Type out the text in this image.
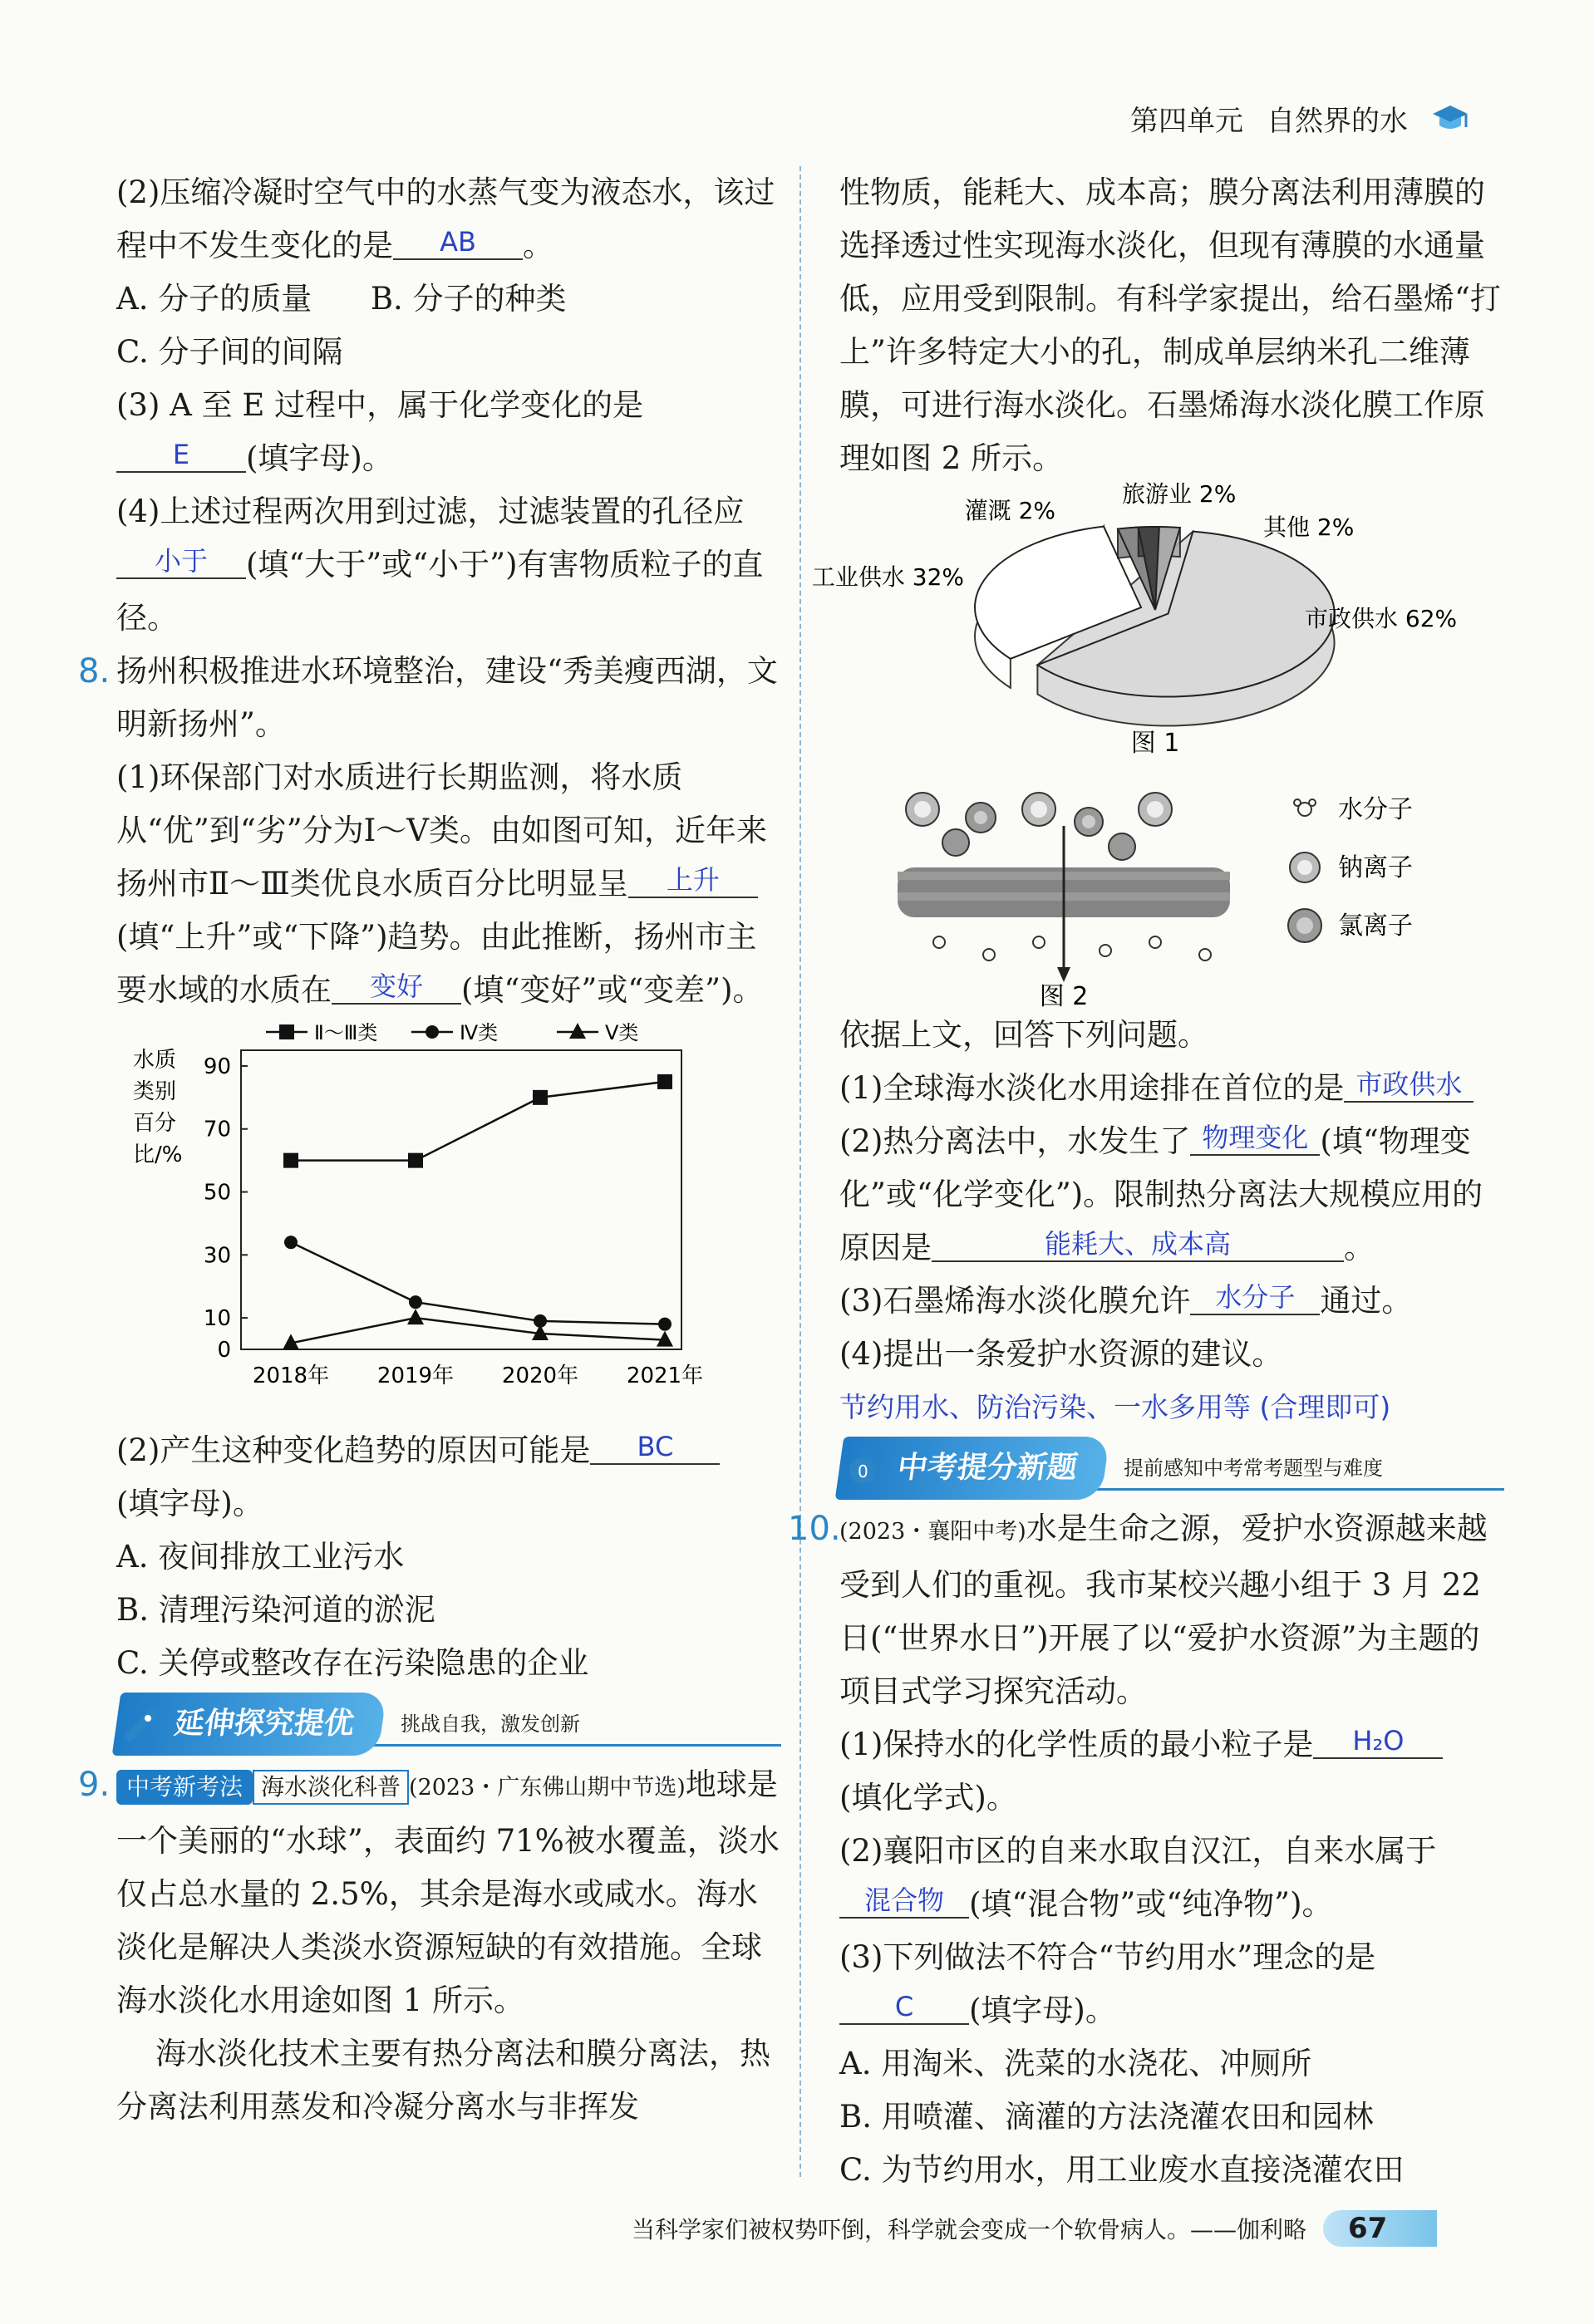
第四单元 自然界的水

(2)压缩冷凝时空气中的水蒸气变为液态水，该过程中不发生变化的是 AB 。

A. 分子的质量 B. 分子的种类

C. 分子间的间隔

(3) A 至 E 过程中，属于化学变化的是
E (填字母)。

(4)上述过程两次用到过滤，过滤装置的孔径应小于 (填“大于”或“小于”)有害物质粒子的直径。

8. 扬州积极推进水环境整治，建设“秀美瘦西湖，文明新扬州”。

(1)环保部门对水质进行长期监测，将水质从“优”到“劣”分为Ⅰ～Ⅴ类。由如图可知，近年来扬州市Ⅱ～Ⅲ类优良水质百分比明显呈 上升(填“上升”或“下降”)趋势。由此推断，扬州市主要水域的水质在 变好 (填“变好”或“变差”)。

Ⅱ～Ⅲ类	Ⅳ类	Ⅴ类
水质
类别
百分
比/%
0
10
30
50
70
90
2018年 2019年 2020年 2021年

(2)产生这种变化趋势的原因可能是 BC
(填字母)。

A. 夜间排放工业污水

B. 清理污染河道的淤泥

C. 关停或整改存在污染隐患的企业

延伸探究提优	挑战自我，激发创新

9. 中考新考法 海水淡化科普 (2023・广东佛山期中节选)地球是一个美丽的“水球”，表面约 71%被水覆盖，淡水仅占总水量的 2.5%，其余是海水或咸水。海水淡化是解决人类淡水资源短缺的有效措施。全球海水淡化水用途如图 1 所示。

海水淡化技术主要有热分离法和膜分离法，热分离法利用蒸发和冷凝分离水与非挥发

性物质，能耗大、成本高；膜分离法利用薄膜的选择透过性实现海水淡化，但现有薄膜的水通量低，应用受到限制。有科学家提出，给石墨烯“打上”许多特定大小的孔，制成单层纳米孔二维薄膜，可进行海水淡化。石墨烯海水淡化膜工作原理如图 2 所示。

市政供水 62%
工业供水 32%
灌溉 2%
旅游业 2%
其他 2%
图 1
水分子
钠离子
氯离子
图 2

依据上文，回答下列问题。

(1)全球海水淡化水用途排在首位的是 市政供水

(2)热分离法中，水发生了 物理变化 (填“物理变化”或“化学变化”)。限制热分离法大规模应用的原因是	能耗大、成本高	。

(3)石墨烯海水淡化膜允许 水分子 通过。

(4)提出一条爱护水资源的建议。

节约用水、防治污染、一水多用等 (合理即可)

0 中考提分新题	提前感知中考常考题型与难度

10.
(2023・襄阳中考)水是生命之源，爱护水资源越来越受到人们的重视。我市某校兴趣小组于 3 月 22 日(“世界水日”)开展了以“爱护水资源”为主题的项目式学习探究活动。

(1)保持水的化学性质的最小粒子是 H₂O
(填化学式)。

(2)襄阳市区的自来水取自汉江，自来水属于混合物 (填“混合物”或“纯净物”)。

(3)下列做法不符合“节约用水”理念的是
C (填字母)。

A. 用淘米、洗菜的水浇花、冲厕所

B. 用喷灌、滴灌的方法浇灌农田和园林

C. 为节约用水，用工业废水直接浇灌农田

当科学家们被权势吓倒，科学就会变成一个软骨病人。——伽利略	67
